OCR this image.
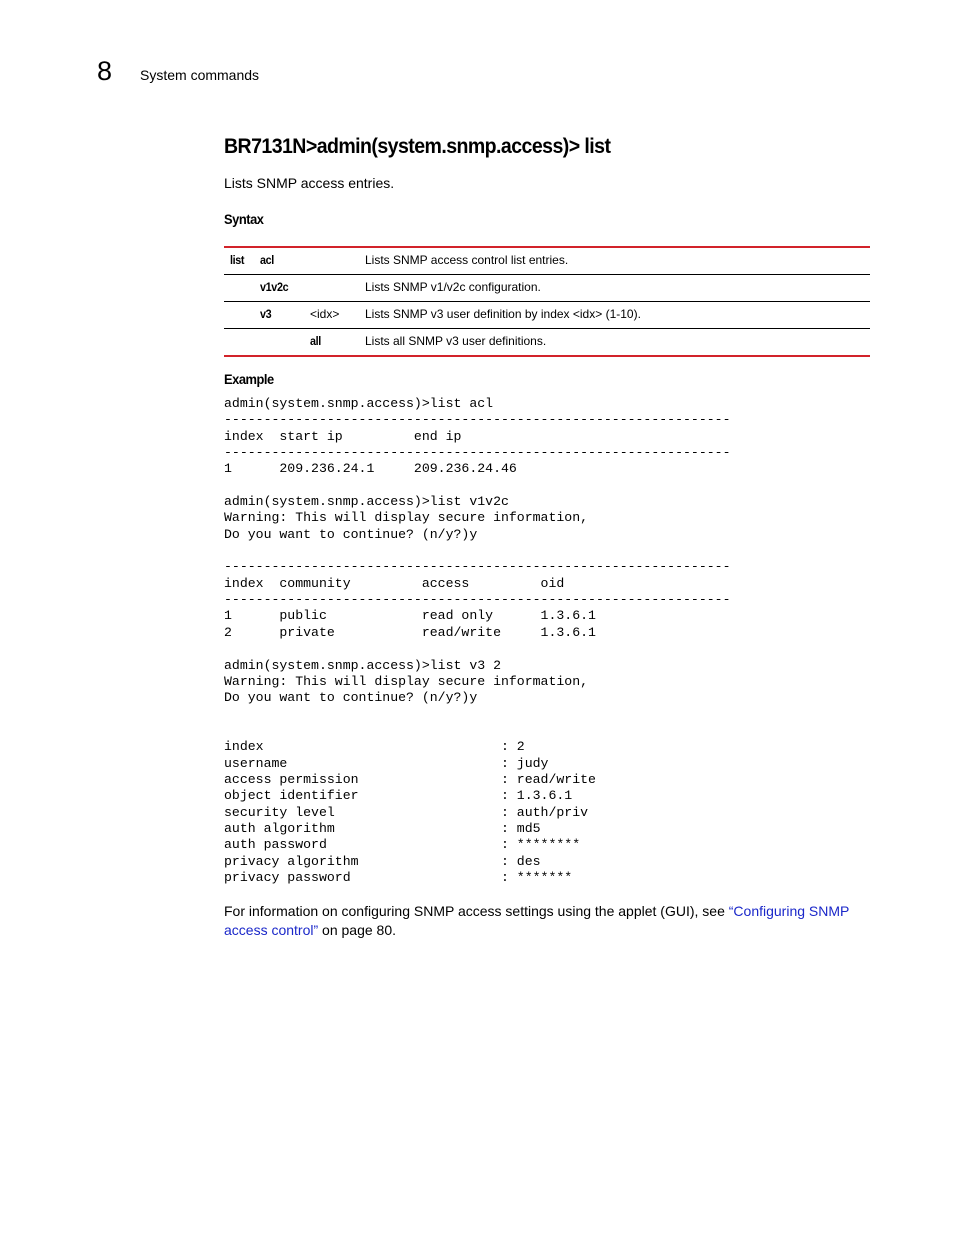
8 System commands
BR7131N>admin(system.snmp.access)> list
Lists SNMP access entries.
Syntax
list acl	Lists SNMP access control list entries.
v1v2c	Lists SNMP v1/v2c configuration.
v3	<idx> Lists SNMP v3 user definition by index <idx> (1-10).
all	Lists all SNMP v3 user definitions.
Example
admin(system.snmp.access)>list acl
----------------------------------------------------------------
index  start ip         end ip
----------------------------------------------------------------
1      209.236.24.1     209.236.24.46

admin(system.snmp.access)>list v1v2c
Warning: This will display secure information,
Do you want to continue? (n/y?)y

----------------------------------------------------------------
index  community         access         oid
----------------------------------------------------------------
1      public            read only      1.3.6.1
2      private           read/write     1.3.6.1

admin(system.snmp.access)>list v3 2
Warning: This will display secure information,
Do you want to continue? (n/y?)y

index                              : 2
username                           : judy
access permission                  : read/write
object identifier                  : 1.3.6.1
security level                     : auth/priv
auth algorithm                     : md5
auth password                      : ********
privacy algorithm                  : des
privacy password                   : *******

For information on configuring SNMP access settings using the applet (GUI), see “Configuring SNMP access control” on page 80.
